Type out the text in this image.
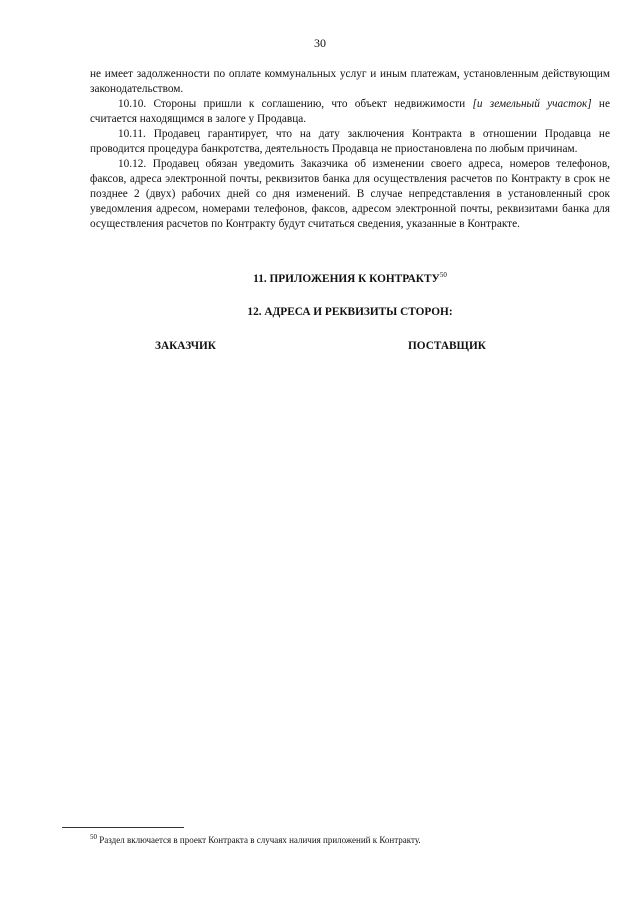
30

не имеет задолженности по оплате коммунальных услуг и иным платежам, установленным действующим законодательством.

10.10. Стороны пришли к соглашению, что объект недвижимости [и земельный участок] не считается находящимся в залоге у Продавца.

10.11. Продавец гарантирует, что на дату заключения Контракта в отношении Продавца не проводится процедура банкротства, деятельность Продавца не приостановлена по любым причинам.

10.12. Продавец обязан уведомить Заказчика об изменении своего адреса, номеров телефонов, факсов, адреса электронной почты, реквизитов банка для осуществления расчетов по Контракту в срок не позднее 2 (двух) рабочих дней со дня изменений. В случае непредставления в установленный срок уведомления адресом, номерами телефонов, факсов, адресом электронной почты, реквизитами банка для осуществления расчетов по Контракту будут считаться сведения, указанные в Контракте.

11. ПРИЛОЖЕНИЯ К КОНТРАКТУ$^{50}$

12. АДРЕСА И РЕКВИЗИТЫ СТОРОН:

ЗАКАЗЧИК	ПОСТАВЩИК
$^{50}$ Раздел включается в проект Контракта в случаях наличия приложений к Контракту.
